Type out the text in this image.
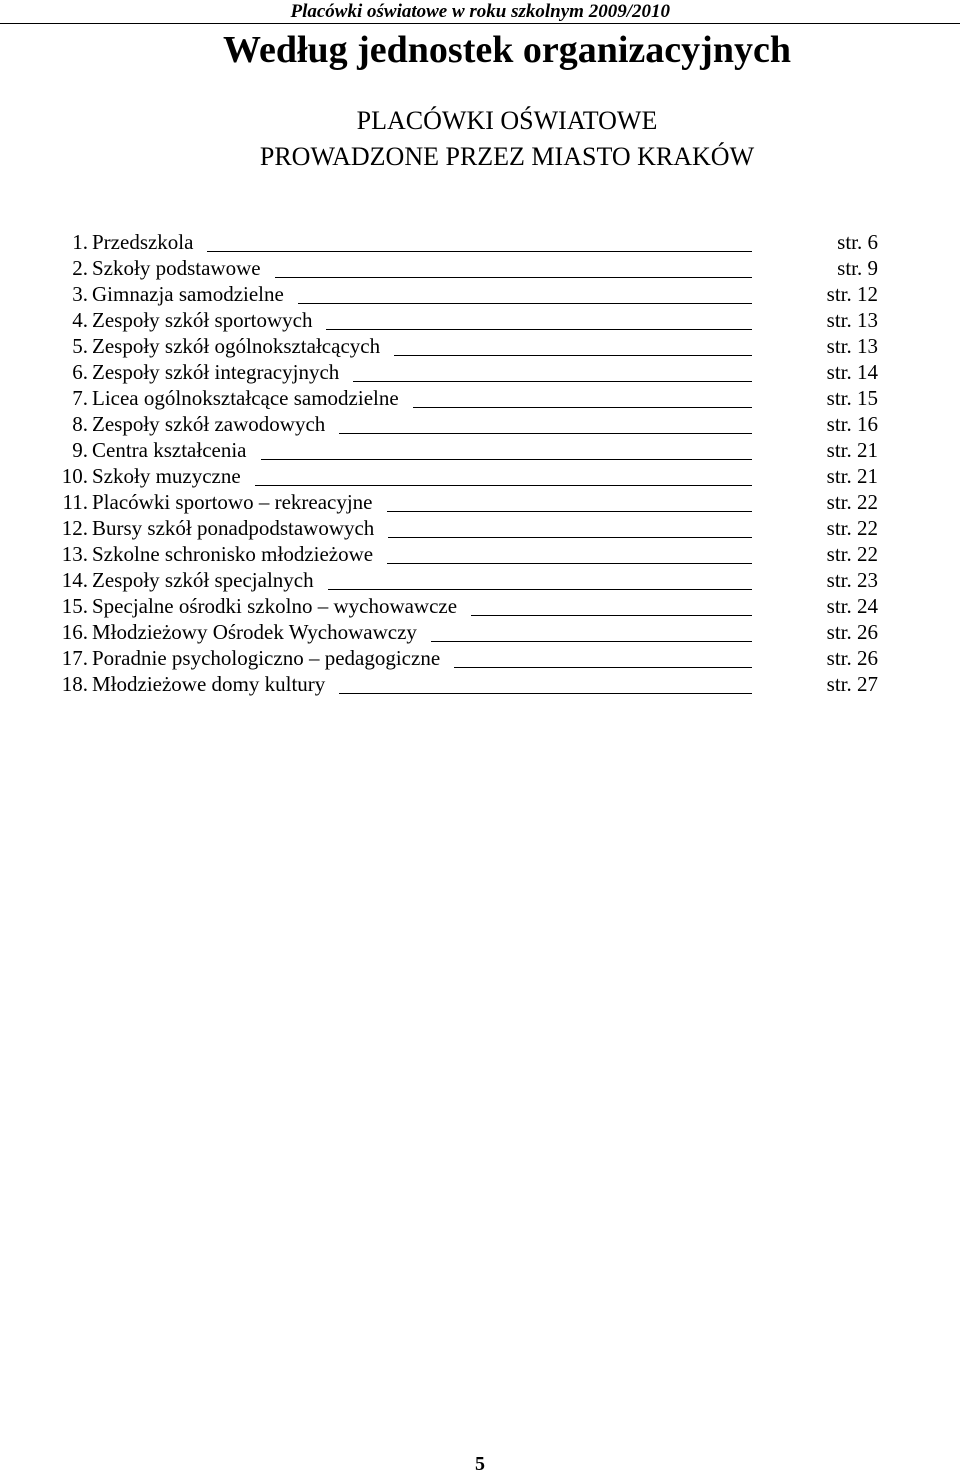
Placówki oświatowe w roku szkolnym 2009/2010
Według jednostek organizacyjnych
PLACÓWKI OŚWIATOWE
PROWADZONE PRZEZ MIASTO KRAKÓW
1. Przedszkola	str. 6
2. Szkoły podstawowe	str. 9
3. Gimnazja samodzielne	str. 12
4. Zespoły szkół sportowych	str. 13
5. Zespoły szkół ogólnokształcących	str. 13
6. Zespoły szkół integracyjnych	str. 14
7. Licea ogólnokształcące samodzielne	str. 15
8. Zespoły szkół zawodowych	str. 16
9. Centra kształcenia	str. 21
10. Szkoły muzyczne	str. 21
11. Placówki sportowo – rekreacyjne	str. 22
12. Bursy szkół ponadpodstawowych	str. 22
13. Szkolne schronisko młodzieżowe	str. 22
14. Zespoły szkół specjalnych	str. 23
15. Specjalne ośrodki szkolno – wychowawcze	str. 24
16. Młodzieżowy Ośrodek Wychowawczy	str. 26
17. Poradnie psychologiczno – pedagogiczne	str. 26
18. Młodzieżowe domy kultury	str. 27
5
